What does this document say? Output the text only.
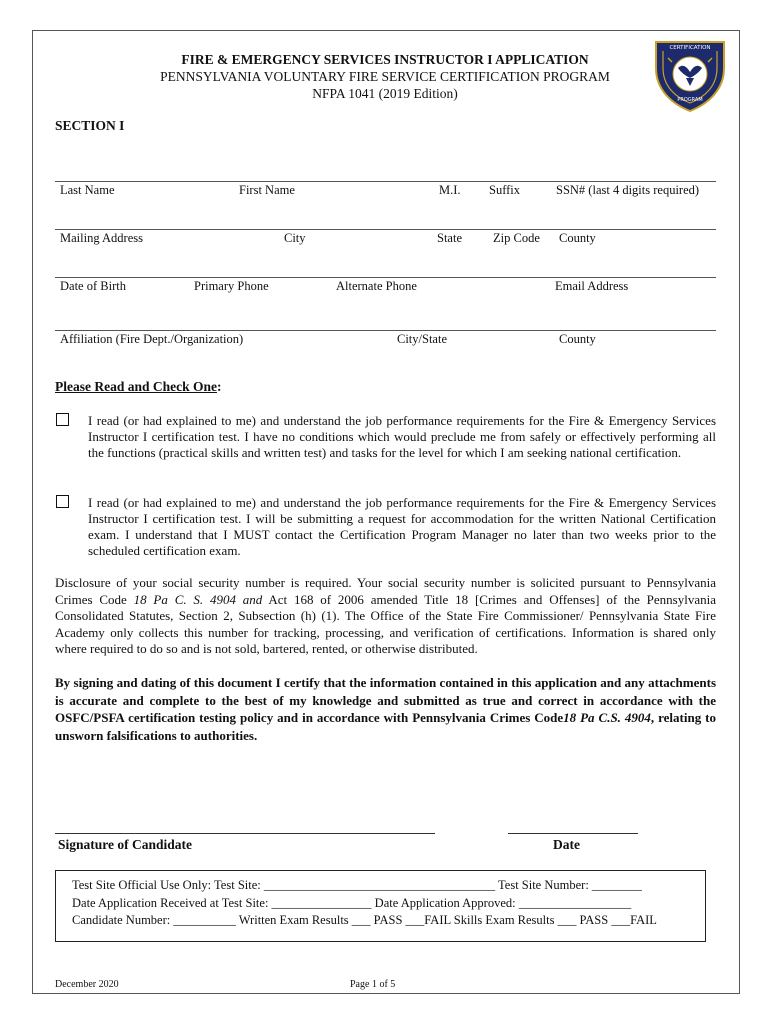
FIRE & EMERGENCY SERVICES INSTRUCTOR I APPLICATION
PENNSYLVANIA VOLUNTARY FIRE SERVICE CERTIFICATION PROGRAM
NFPA 1041 (2019 Edition)
CERTIFICATION
PROGRAM
SECTION I
Last Name	First Name	M.I. Suffix	SSN# (last 4 digits required)
Mailing Address	City	State Zip Code County
Date of Birth	Primary Phone	Alternate Phone	Email Address
Affiliation (Fire Dept./Organization)	City/State	County
Please Read and Check One:
I read (or had explained to me) and understand the job performance requirements for the Fire & Emergency Services Instructor I certification test. I have no conditions which would preclude me from safely or effectively performing all the functions (practical skills and written test) and tasks for the level for which I am seeking national certification.
I read (or had explained to me) and understand the job performance requirements for the Fire & Emergency Services Instructor I certification test. I will be submitting a request for accommodation for the written National Certification exam. I understand that I MUST contact the Certification Program Manager no later than two weeks prior to the scheduled certification exam.
Disclosure of your social security number is required. Your social security number is solicited pursuant to Pennsylvania Crimes Code 18 Pa C. S. 4904 and Act 168 of 2006 amended Title 18 [Crimes and Offenses] of the Pennsylvania Consolidated Statutes, Section 2, Subsection (h) (1). The Office of the State Fire Commissioner/ Pennsylvania State Fire Academy only collects this number for tracking, processing, and verification of certifications. Information is shared only where required to do so and is not sold, bartered, rented, or otherwise distributed.
By signing and dating of this document I certify that the information contained in this application and any attachments is accurate and complete to the best of my knowledge and submitted as true and correct in accordance with the OSFC/PSFA certification testing policy and in accordance with Pennsylvania Crimes Code18 Pa C.S. 4904, relating to unsworn falsifications to authorities.
Signature of Candidate	Date
Test Site Official Use Only: Test Site: _____________________________________ Test Site Number: ________
Date Application Received at Test Site: ________________ Date Application Approved: __________________
Candidate Number: __________ Written Exam Results ___ PASS ___FAIL Skills Exam Results ___ PASS ___FAIL
December 2020	Page 1 of 5
